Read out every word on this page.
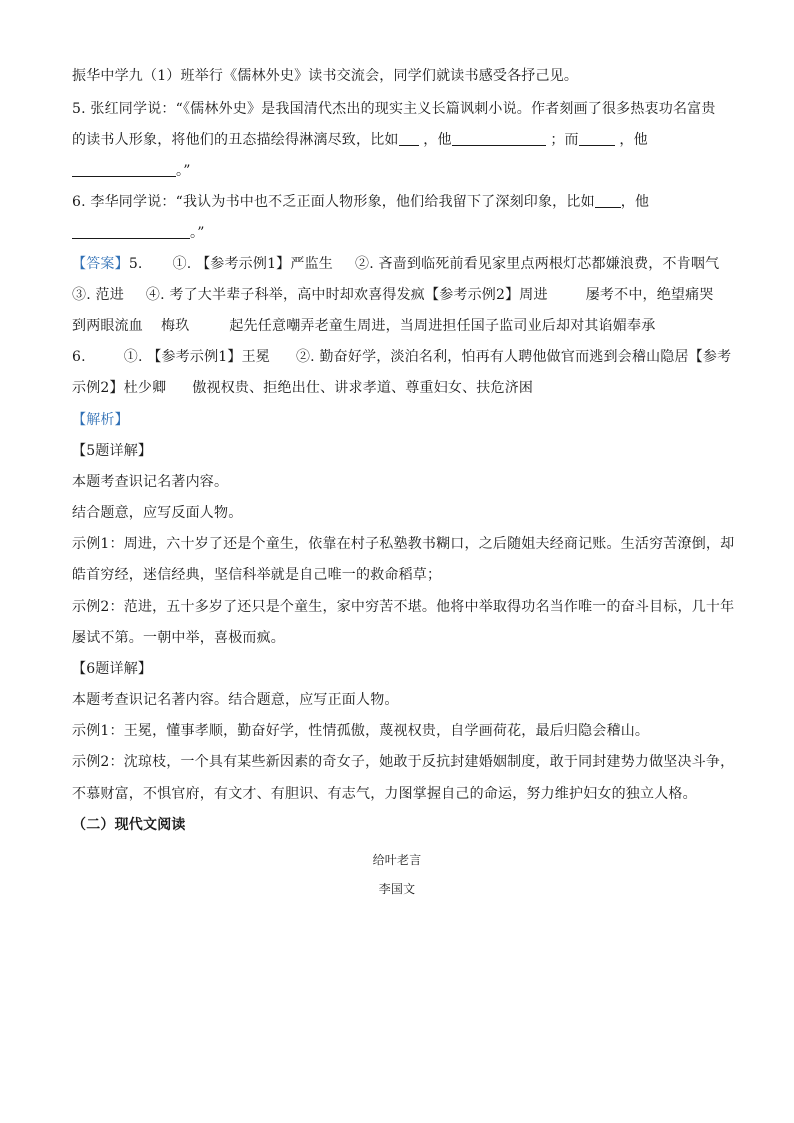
振华中学九（1）班举行《儒林外史》读书交流会，同学们就读书感受各抒己见。
5. 张红同学说：“《儒林外史》是我国清代杰出的现实主义长篇讽刺小说。作者刻画了很多热衷功名富贵
的读书人形象，将他们的丑态描绘得淋漓尽致，比如 ，他	；而	，他
。”
6. 李华同学说：“我认为书中也不乏正面人物形象，他们给我留下了深刻印象，比如 ，他
。”
【答案】5. ①. 【参考示例1】严监生 ②. 吝啬到临死前看见家里点两根灯芯都嫌浪费，不肯咽气
③. 范进 ④. 考了大半辈子科举，高中时却欢喜得发疯【参考示例2】周进	屡考不中，绝望痛哭
到两眼流血 梅玖	起先任意嘲弄老童生周进，当周进担任国子监司业后却对其谄媚奉承
6.	①. 【参考示例1】王冕 ②. 勤奋好学，淡泊名利，怕再有人聘他做官而逃到会稽山隐居【参考
示例2】杜少卿 傲视权贵、拒绝出仕、讲求孝道、尊重妇女、扶危济困
【解析】
【5题详解】
本题考查识记名著内容。
结合题意，应写反面人物。
示例1：周进，六十岁了还是个童生，依靠在村子私塾教书糊口，之后随姐夫经商记账。生活穷苦潦倒，却
皓首穷经，迷信经典，坚信科举就是自己唯一的救命稻草；
示例2：范进，五十多岁了还只是个童生，家中穷苦不堪。他将中举取得功名当作唯一的奋斗目标，几十年
屡试不第。一朝中举，喜极而疯。
【6题详解】
本题考查识记名著内容。结合题意，应写正面人物。
示例1：王冕，懂事孝顺，勤奋好学，性情孤傲，蔑视权贵，自学画荷花，最后归隐会稽山。
示例2：沈琼枝，一个具有某些新因素的奇女子，她敢于反抗封建婚姻制度，敢于同封建势力做坚决斗争，
不慕财富，不惧官府，有文才、有胆识、有志气，力图掌握自己的命运，努力维护妇女的独立人格。
（二）现代文阅读
给叶老言
李国文
